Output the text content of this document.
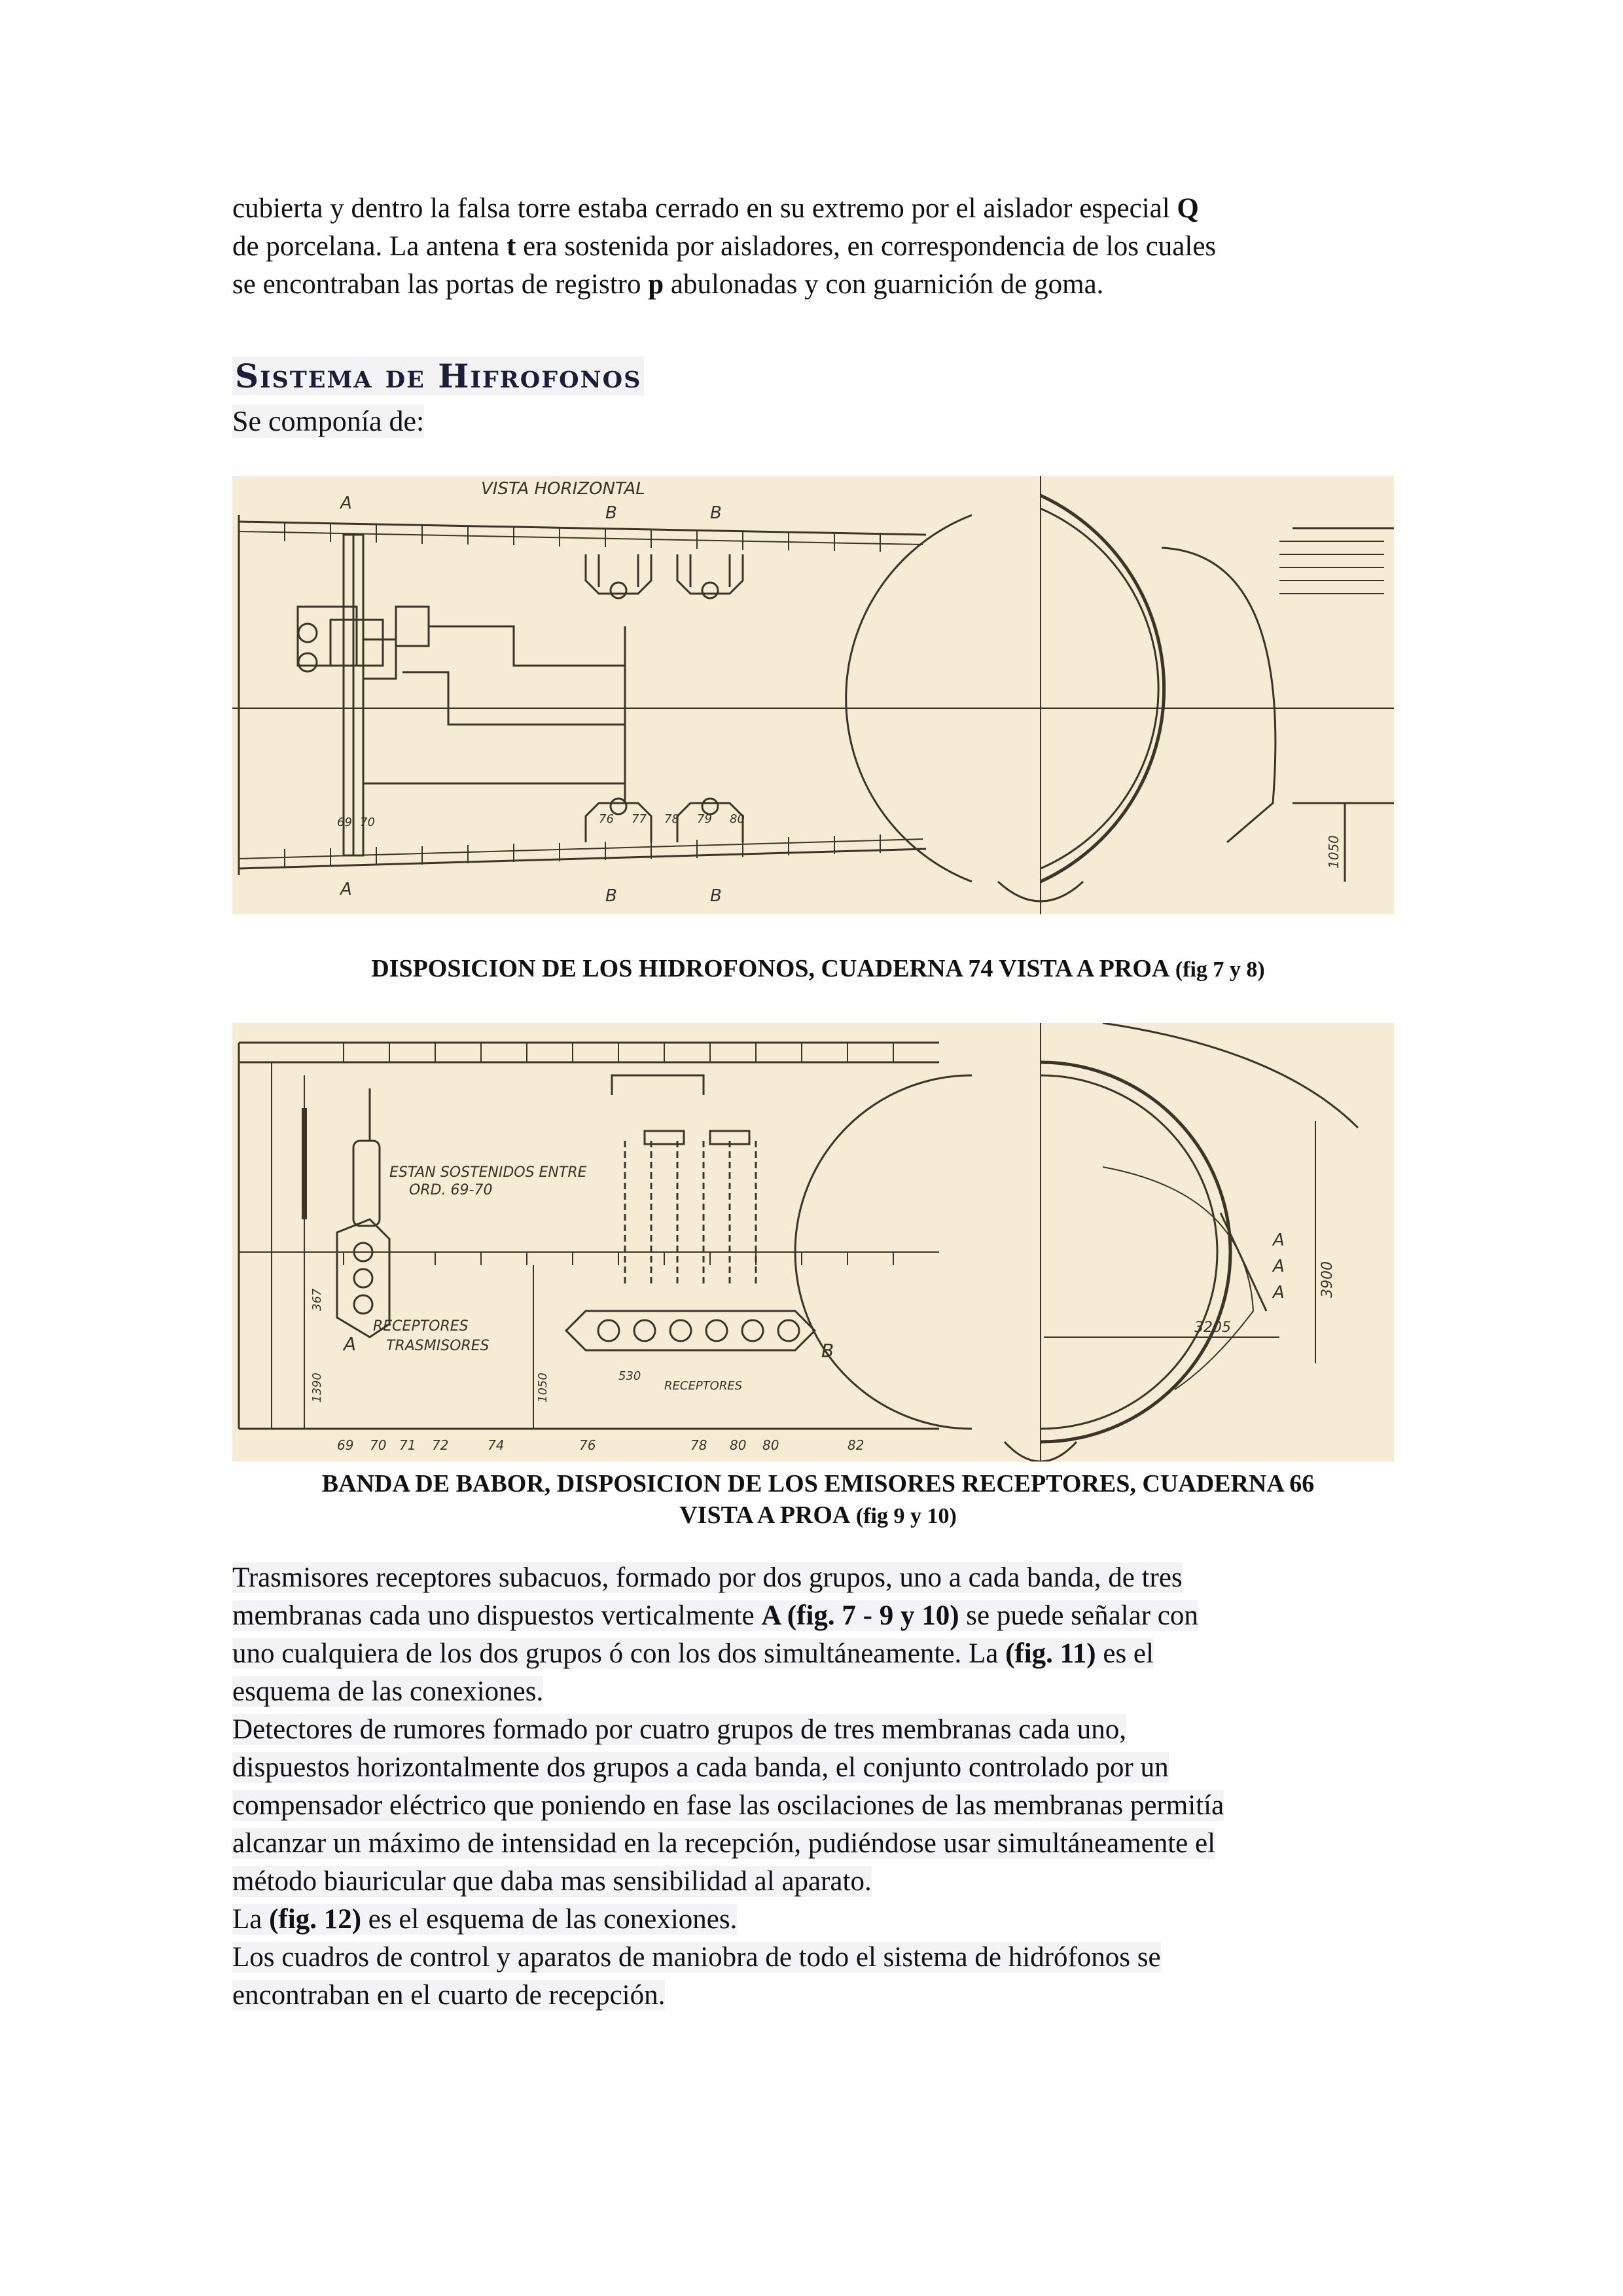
cubierta y dentro la falsa torre estaba cerrado en su extremo por el aislador especial Q
de porcelana. La antena t era sostenida por aisladores, en correspondencia de los cuales
se encontraban las portas de registro p abulonadas y con guarnición de goma.
Sistema de Hifrofonos
Se componía de:
VISTA HORIZONTAL
A
A
B	B
B	B
69 70	76 77 78 79 80
1050
DISPOSICION DE LOS HIDROFONOS, CUADERNA 74 VISTA A PROA (fig 7 y 8)
ESTAN SOSTENIDOS ENTRE
ORD. 69-70
RECEPTORES
TRASMISORES
RECEPTORES
A	B
A
A
A
367
1390	1050	530
3900
3205
69 70 71 72	74	76	78 80 80	82
BANDA DE BABOR, DISPOSICION DE LOS EMISORES RECEPTORES, CUADERNA 66
VISTA A PROA (fig 9 y 10)
Trasmisores receptores subacuos, formado por dos grupos, uno a cada banda, de tres
membranas cada uno dispuestos verticalmente A (fig. 7 - 9 y 10) se puede señalar con
uno cualquiera de los dos grupos ó con los dos simultáneamente. La (fig. 11) es el
esquema de las conexiones.
Detectores de rumores formado por cuatro grupos de tres membranas cada uno,
dispuestos horizontalmente dos grupos a cada banda, el conjunto controlado por un
compensador eléctrico que poniendo en fase las oscilaciones de las membranas permitía
alcanzar un máximo de intensidad en la recepción, pudiéndose usar simultáneamente el
método biauricular que daba mas sensibilidad al aparato.
La (fig. 12) es el esquema de las conexiones.
Los cuadros de control y aparatos de maniobra de todo el sistema de hidrófonos se
encontraban en el cuarto de recepción.
